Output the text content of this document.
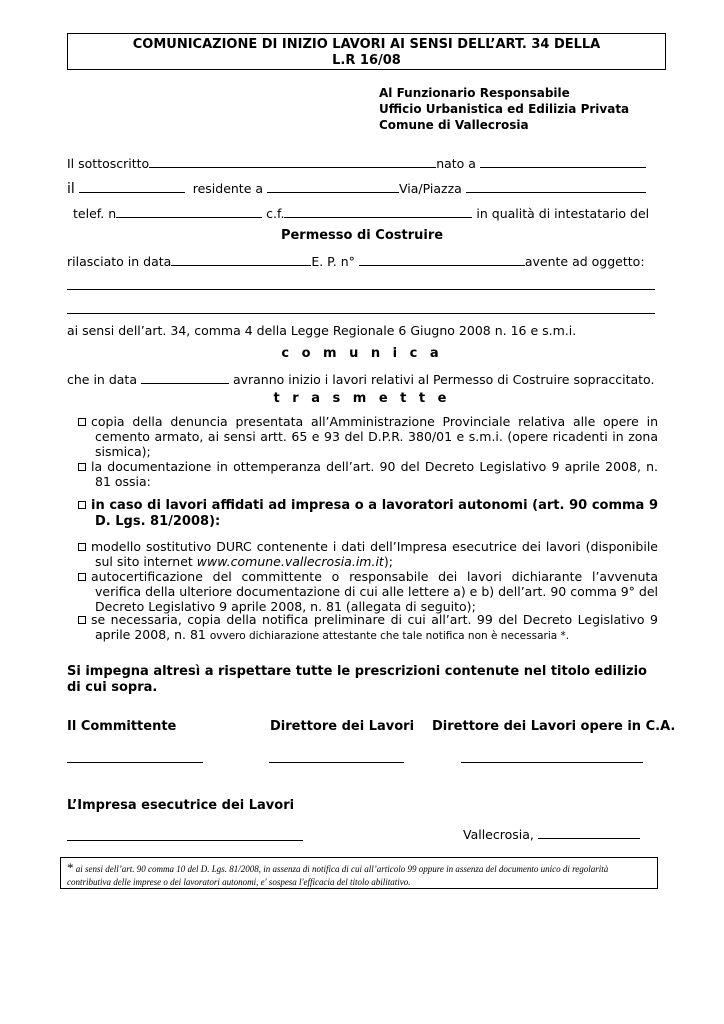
COMUNICAZIONE DI INIZIO LAVORI AI SENSI DELL’ART. 34 DELLA
L.R 16/08
Al Funzionario Responsabile
Ufficio Urbanistica ed Edilizia Privata
Comune di Vallecrosia
Il sottoscritto	nato a
il	residente a	Via/Piazza
telef. n	c.f.	in qualità di intestatario del
Permesso di Costruire
rilasciato in data	E. P. n°	avente ad oggetto:
ai sensi dell’art. 34, comma 4 della Legge Regionale 6 Giugno 2008 n. 16 e s.m.i.
c o m u n i c a
che in data	avranno inizio i lavori relativi al Permesso di Costruire sopraccitato.
t r a s m e t t e
copia della denuncia presentata all’Amministrazione Provinciale relativa alle opere in cemento armato, ai sensi artt. 65 e 93 del D.P.R. 380/01 e s.m.i. (opere ricadenti in zona sismica);
la documentazione in ottemperanza dell’art. 90 del Decreto Legislativo 9 aprile 2008, n. 81 ossia:
in caso di lavori affidati ad impresa o a lavoratori autonomi (art. 90 comma 9 D. Lgs. 81/2008):
modello sostitutivo DURC contenente i dati dell’Impresa esecutrice dei lavori (disponibile sul sito internet www.comune.vallecrosia.im.it);
autocertificazione del committente o responsabile dei lavori dichiarante l’avvenuta verifica della ulteriore documentazione di cui alle lettere a) e b) dell’art. 90 comma 9° del Decreto Legislativo 9 aprile 2008, n. 81 (allegata di seguito);
se necessaria, copia della notifica preliminare di cui all’art. 99 del Decreto Legislativo 9 aprile 2008, n. 81 ovvero dichiarazione attestante che tale notifica non è necessaria *.
Si impegna altresì a rispettare tutte le prescrizioni contenute nel titolo edilizio di cui sopra.
Il Committente	Direttore dei Lavori Direttore dei Lavori opere in C.A.
L’Impresa esecutrice dei Lavori
Vallecrosia,
* ai sensi dell’art. 90 comma 10 del D. Lgs. 81/2008, in assenza di notifica di cui all’articolo 99 oppure in assenza del documento unico di regolarità contributiva delle imprese o dei lavoratori autonomi, e' sospesa l'efficacia del titolo abilitativo.
